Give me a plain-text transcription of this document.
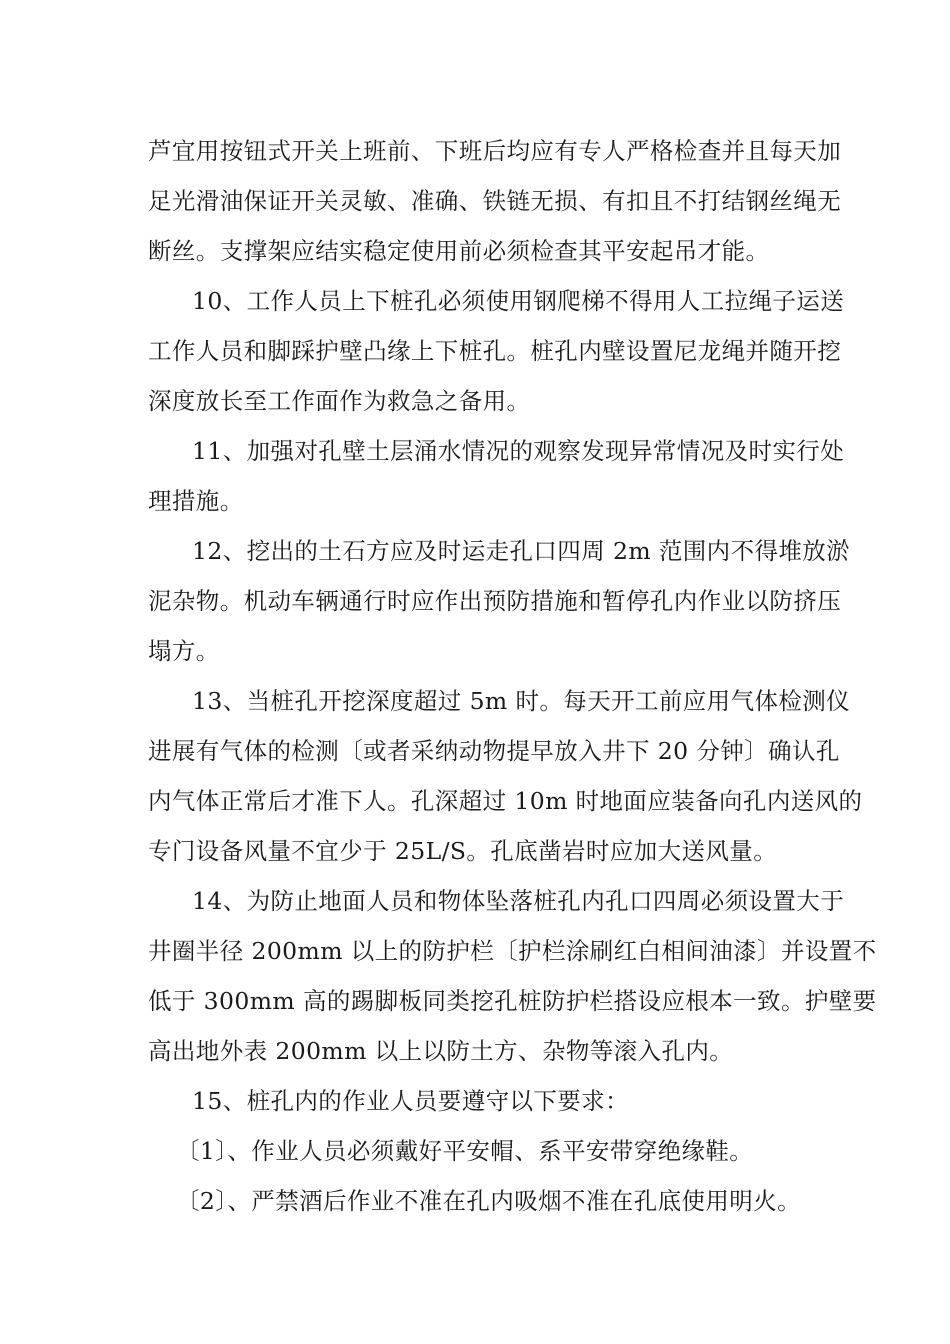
芦宜用按钮式开关上班前、下班后均应有专人严格检查并且每天加
足光滑油保证开关灵敏、准确、铁链无损、有扣且不打结钢丝绳无
断丝。支撑架应结实稳定使用前必须检查其平安起吊才能。
10、工作人员上下桩孔必须使用钢爬梯不得用人工拉绳子运送
工作人员和脚踩护壁凸缘上下桩孔。桩孔内壁设置尼龙绳并随开挖
深度放长至工作面作为救急之备用。
11、加强对孔壁土层涌水情况的观察发现异常情况及时实行处
理措施。
12、挖出的土石方应及时运走孔口四周 2m 范围内不得堆放淤
泥杂物。机动车辆通行时应作出预防措施和暂停孔内作业以防挤压
塌方。
13、当桩孔开挖深度超过 5m 时。每天开工前应用气体检测仪
进展有气体的检测〔或者采纳动物提早放入井下 20 分钟〕确认孔
内气体正常后才准下人。孔深超过 10m 时地面应装备向孔内送风的
专门设备风量不宜少于 25L/S。孔底凿岩时应加大送风量。
14、为防止地面人员和物体坠落桩孔内孔口四周必须设置大于
井圈半径 200mm 以上的防护栏〔护栏涂刷红白相间油漆〕并设置不
低于 300mm 高的踢脚板同类挖孔桩防护栏搭设应根本一致。护壁要
高出地外表 200mm 以上以防土方、杂物等滚入孔内。
15、桩孔内的作业人员要遵守以下要求：
〔1〕、作业人员必须戴好平安帽、系平安带穿绝缘鞋。
〔2〕、严禁酒后作业不准在孔内吸烟不准在孔底使用明火。
